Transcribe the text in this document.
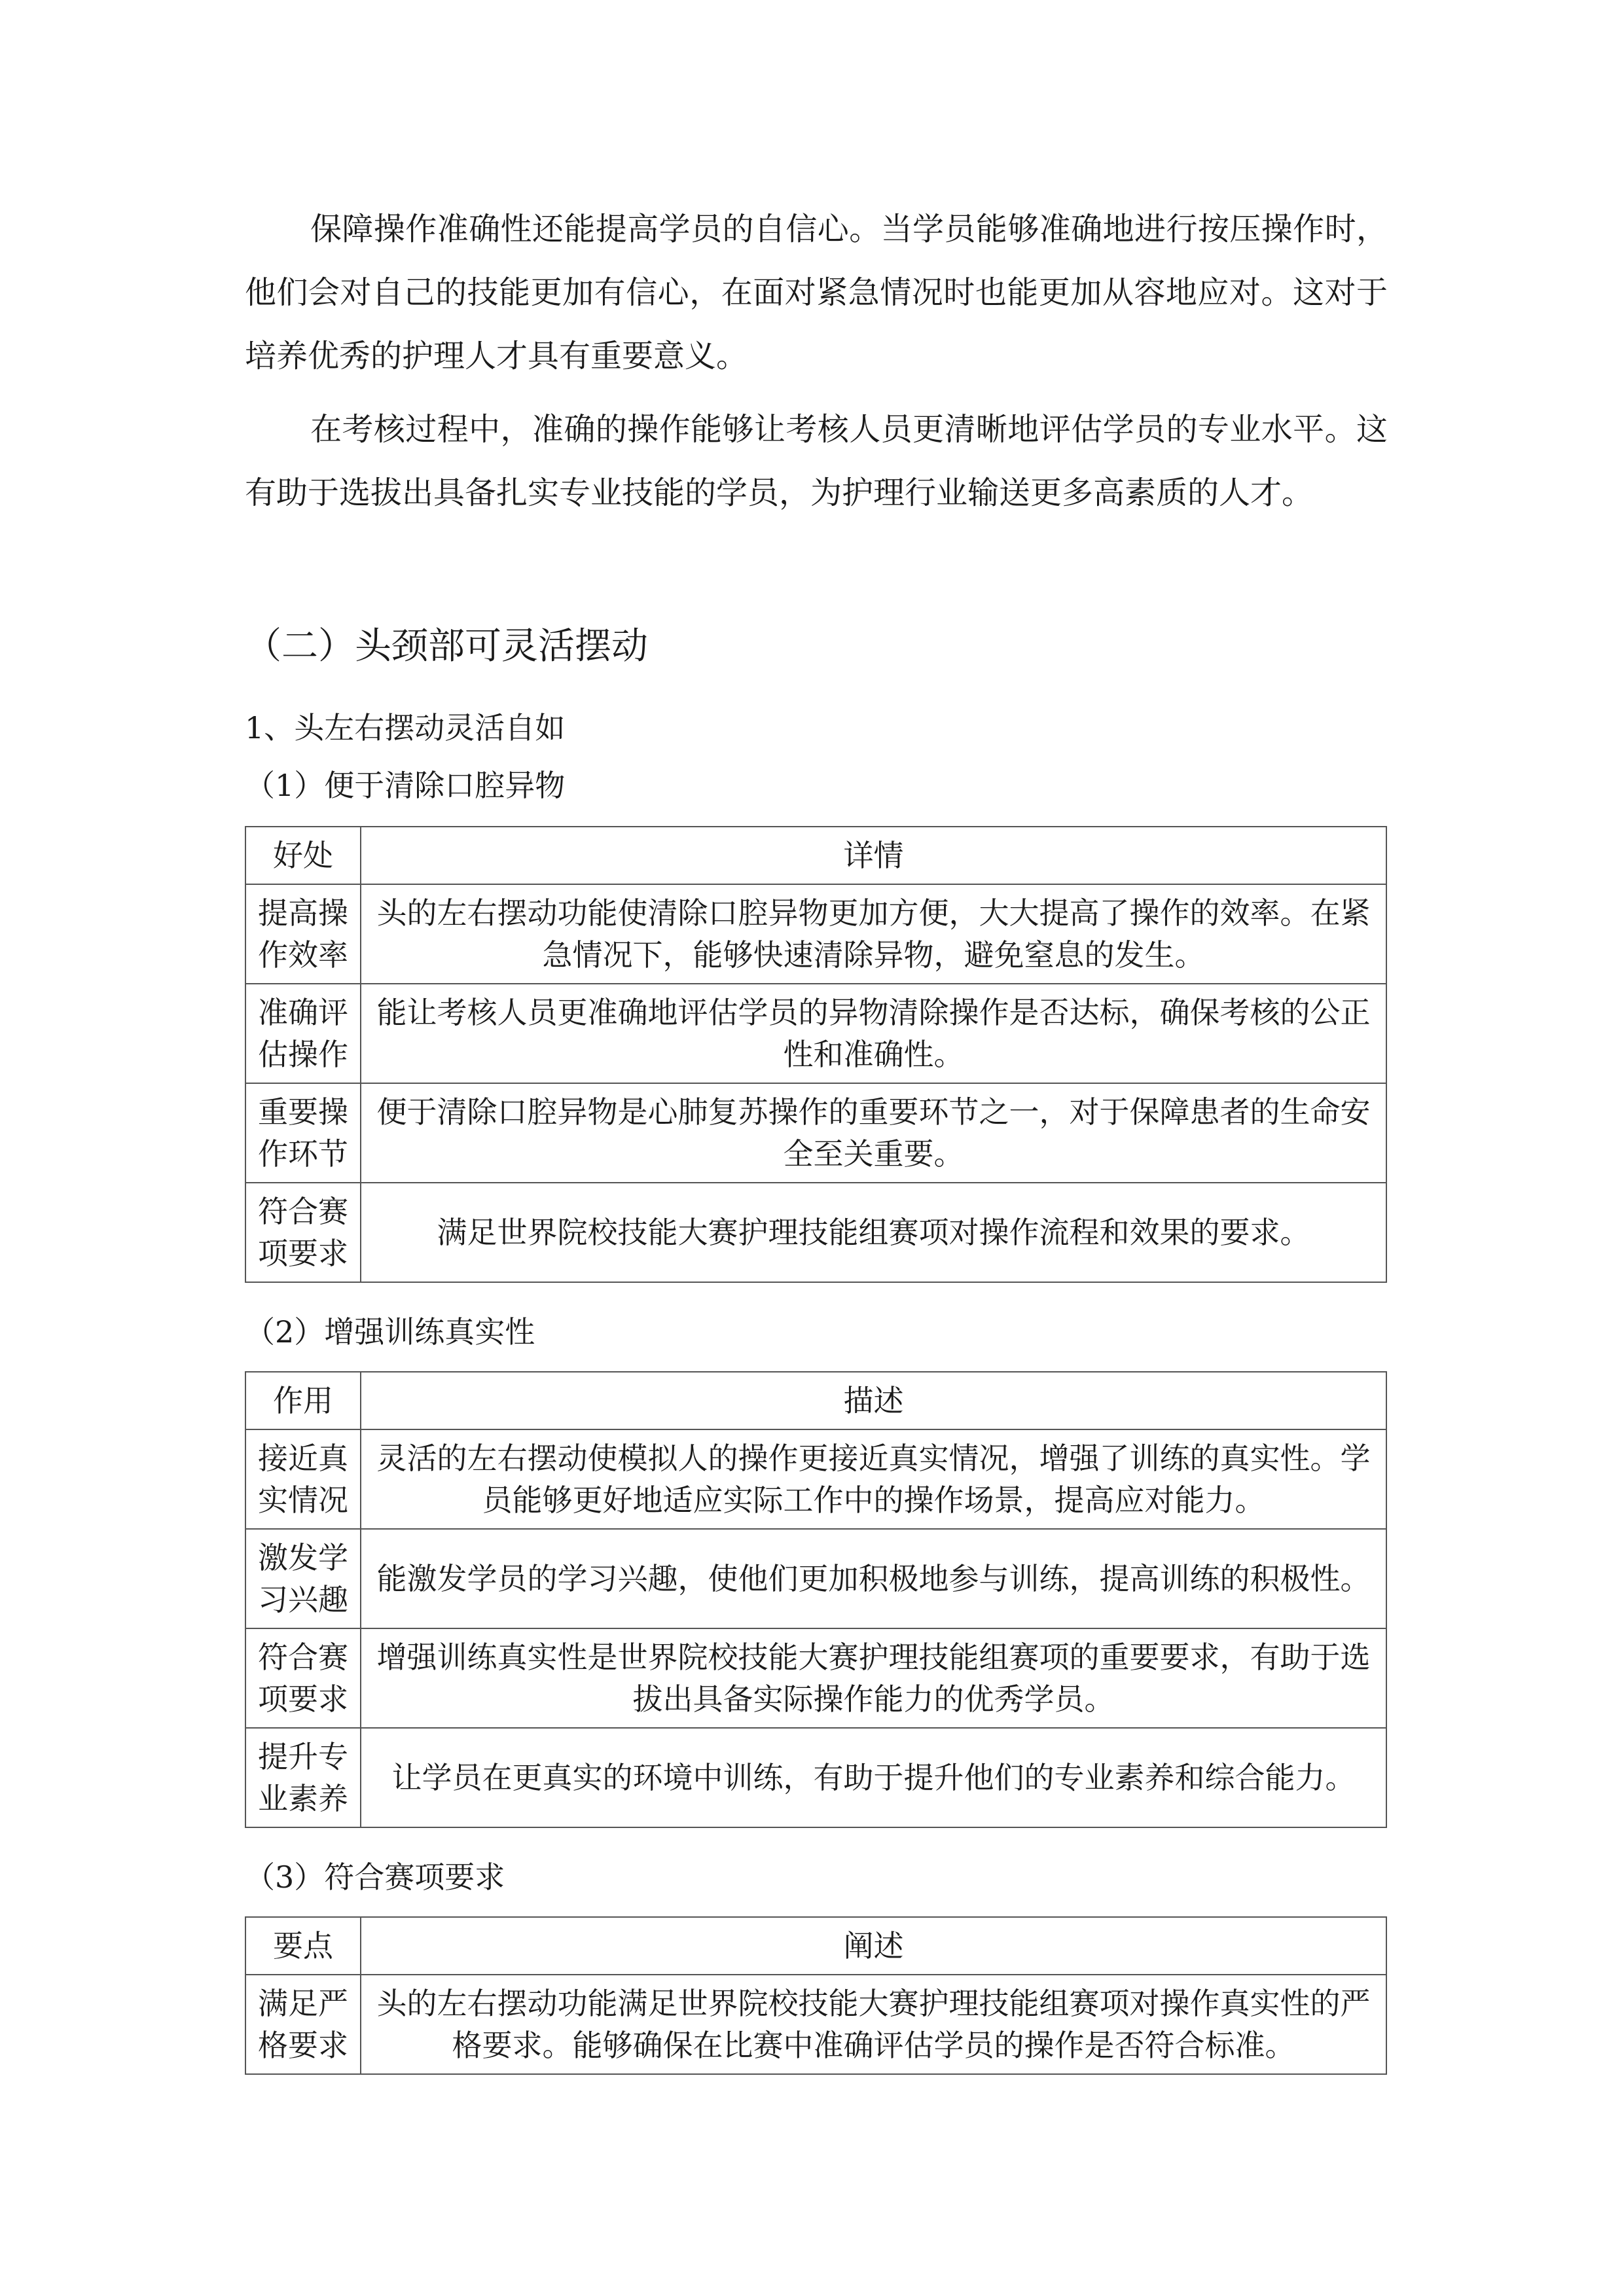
保障操作准确性还能提高学员的自信心。当学员能够准确地进行按压操作时，他们会对自己的技能更加有信心，在面对紧急情况时也能更加从容地应对。这对于培养优秀的护理人才具有重要意义。

在考核过程中，准确的操作能够让考核人员更清晰地评估学员的专业水平。这有助于选拔出具备扎实专业技能的学员，为护理行业输送更多高素质的人才。

（二）头颈部可灵活摆动
1、头左右摆动灵活自如
（1）便于清除口腔异物
好处	详情
提高操作效率	头的左右摆动功能使清除口腔异物更加方便，大大提高了操作的效率。在紧急情况下，能够快速清除异物，避免窒息的发生。
准确评估操作	能让考核人员更准确地评估学员的异物清除操作是否达标，确保考核的公正性和准确性。
重要操作环节	便于清除口腔异物是心肺复苏操作的重要环节之一，对于保障患者的生命安全至关重要。
符合赛项要求	满足世界院校技能大赛护理技能组赛项对操作流程和效果的要求。
（2）增强训练真实性
作用	描述
接近真实情况	灵活的左右摆动使模拟人的操作更接近真实情况，增强了训练的真实性。学员能够更好地适应实际工作中的操作场景，提高应对能力。
激发学习兴趣	能激发学员的学习兴趣，使他们更加积极地参与训练，提高训练的积极性。
符合赛项要求	增强训练真实性是世界院校技能大赛护理技能组赛项的重要要求，有助于选拔出具备实际操作能力的优秀学员。
提升专业素养	让学员在更真实的环境中训练，有助于提升他们的专业素养和综合能力。
（3）符合赛项要求
要点	阐述
满足严格要求	头的左右摆动功能满足世界院校技能大赛护理技能组赛项对操作真实性的严格要求。能够确保在比赛中准确评估学员的操作是否符合标准。
